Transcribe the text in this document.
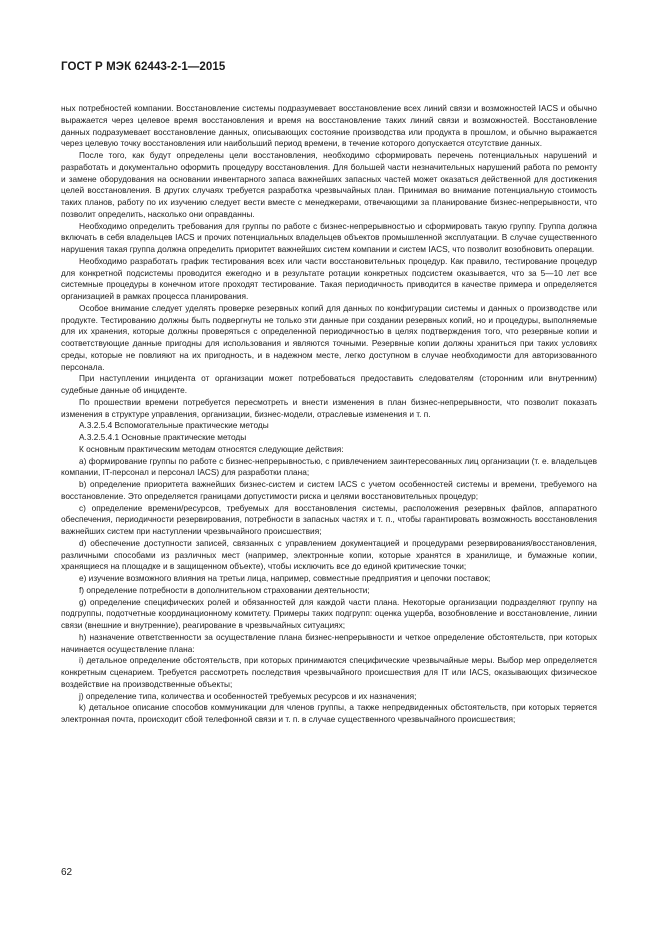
ГОСТ Р МЭК 62443-2-1—2015

ных потребностей компании. Восстановление системы подразумевает восстановление всех линий связи и возможностей IACS и обычно выражается через целевое время восстановления и время на восстановление таких линий связи и возможностей. Восстановление данных подразумевает восстановление данных, описывающих состояние производства или продукта в прошлом, и обычно выражается через целевую точку восстановления или наибольший период времени, в течение которого допускается отсутствие данных.

После того, как будут определены цели восстановления, необходимо сформировать перечень потенциальных нарушений и разработать и документально оформить процедуру восстановления. Для большей части незначительных нарушений работа по ремонту и замене оборудования на основании инвентарного запаса важнейших запасных частей может оказаться действенной для достижения целей восстановления. В других случаях требуется разработка чрезвычайных план. Принимая во внимание потенциальную стоимость таких планов, работу по их изучению следует вести вместе с менеджерами, отвечающими за планирование бизнес-непрерывности, что позволит определить, насколько они оправданны.

Необходимо определить требования для группы по работе с бизнес-непрерывностью и сформировать такую группу. Группа должна включать в себя владельцев IACS и прочих потенциальных владельцев объектов промышленной эксплуатации. В случае существенного нарушения такая группа должна определить приоритет важнейших систем компании и систем IACS, что позволит возобновить операции.

Необходимо разработать график тестирования всех или части восстановительных процедур. Как правило, тестирование процедур для конкретной подсистемы проводится ежегодно и в результате ротации конкретных подсистем оказывается, что за 5—10 лет все системные процедуры в конечном итоге проходят тестирование. Такая периодичность приводится в качестве примера и определяется организацией в рамках процесса планирования.

Особое внимание следует уделять проверке резервных копий для данных по конфигурации системы и данных о производстве или продукте. Тестированию должны быть подвергнуты не только эти данные при создании резервных копий, но и процедуры, выполняемые для их хранения, которые должны проверяться с определенной периодичностью в целях подтверждения того, что резервные копии и соответствующие данные пригодны для использования и являются точными. Резервные копии должны храниться при таких условиях среды, которые не повлияют на их пригодность, и в надежном месте, легко доступном в случае необходимости для авторизованного персонала.

При наступлении инцидента от организации может потребоваться предоставить следователям (сторонним или внутренним) судебные данные об инциденте.

По прошествии времени потребуется пересмотреть и внести изменения в план бизнес-непрерывности, что позволит показать изменения в структуре управления, организации, бизнес-модели, отраслевые изменения и т. п.

А.3.2.5.4 Вспомогательные практические методы

А.3.2.5.4.1 Основные практические методы

К основным практическим методам относятся следующие действия:

а) формирование группы по работе с бизнес-непрерывностью, с привлечением заинтересованных лиц организации (т. е. владельцев компании, IT-персонал и персонал IACS) для разработки плана;

b) определение приоритета важнейших бизнес-систем и систем IACS с учетом особенностей системы и времени, требуемого на восстановление. Это определяется границами допустимости риска и целями восстановительных процедур;

c) определение времени/ресурсов, требуемых для восстановления системы, расположения резервных файлов, аппаратного обеспечения, периодичности резервирования, потребности в запасных частях и т. п., чтобы гарантировать возможность восстановления важнейших систем при наступлении чрезвычайного происшествия;

d) обеспечение доступности записей, связанных с управлением документацией и процедурами резервирования/восстановления, различными способами из различных мест (например, электронные копии, которые хранятся в хранилище, и бумажные копии, хранящиеся на площадке и в защищенном объекте), чтобы исключить все до единой критические точки;

e) изучение возможного влияния на третьи лица, например, совместные предприятия и цепочки поставок;

f) определение потребности в дополнительном страховании деятельности;

g) определение специфических ролей и обязанностей для каждой части плана. Некоторые организации подразделяют группу на подгруппы, подотчетные координационному комитету. Примеры таких подгрупп: оценка ущерба, возобновление и восстановление, линии связи (внешние и внутренние), реагирование в чрезвычайных ситуациях;

h) назначение ответственности за осуществление плана бизнес-непрерывности и четкое определение обстоятельств, при которых начинается осуществление плана:

i) детальное определение обстоятельств, при которых принимаются специфические чрезвычайные меры. Выбор мер определяется конкретным сценарием. Требуется рассмотреть последствия чрезвычайного происшествия для IT или IACS, оказывающих физическое воздействие на производственные объекты;

j) определение типа, количества и особенностей требуемых ресурсов и их назначения;

k) детальное описание способов коммуникации для членов группы, а также непредвиденных обстоятельств, при которых теряется электронная почта, происходит сбой телефонной связи и т. п. в случае существенного чрезвычайного происшествия;

62
